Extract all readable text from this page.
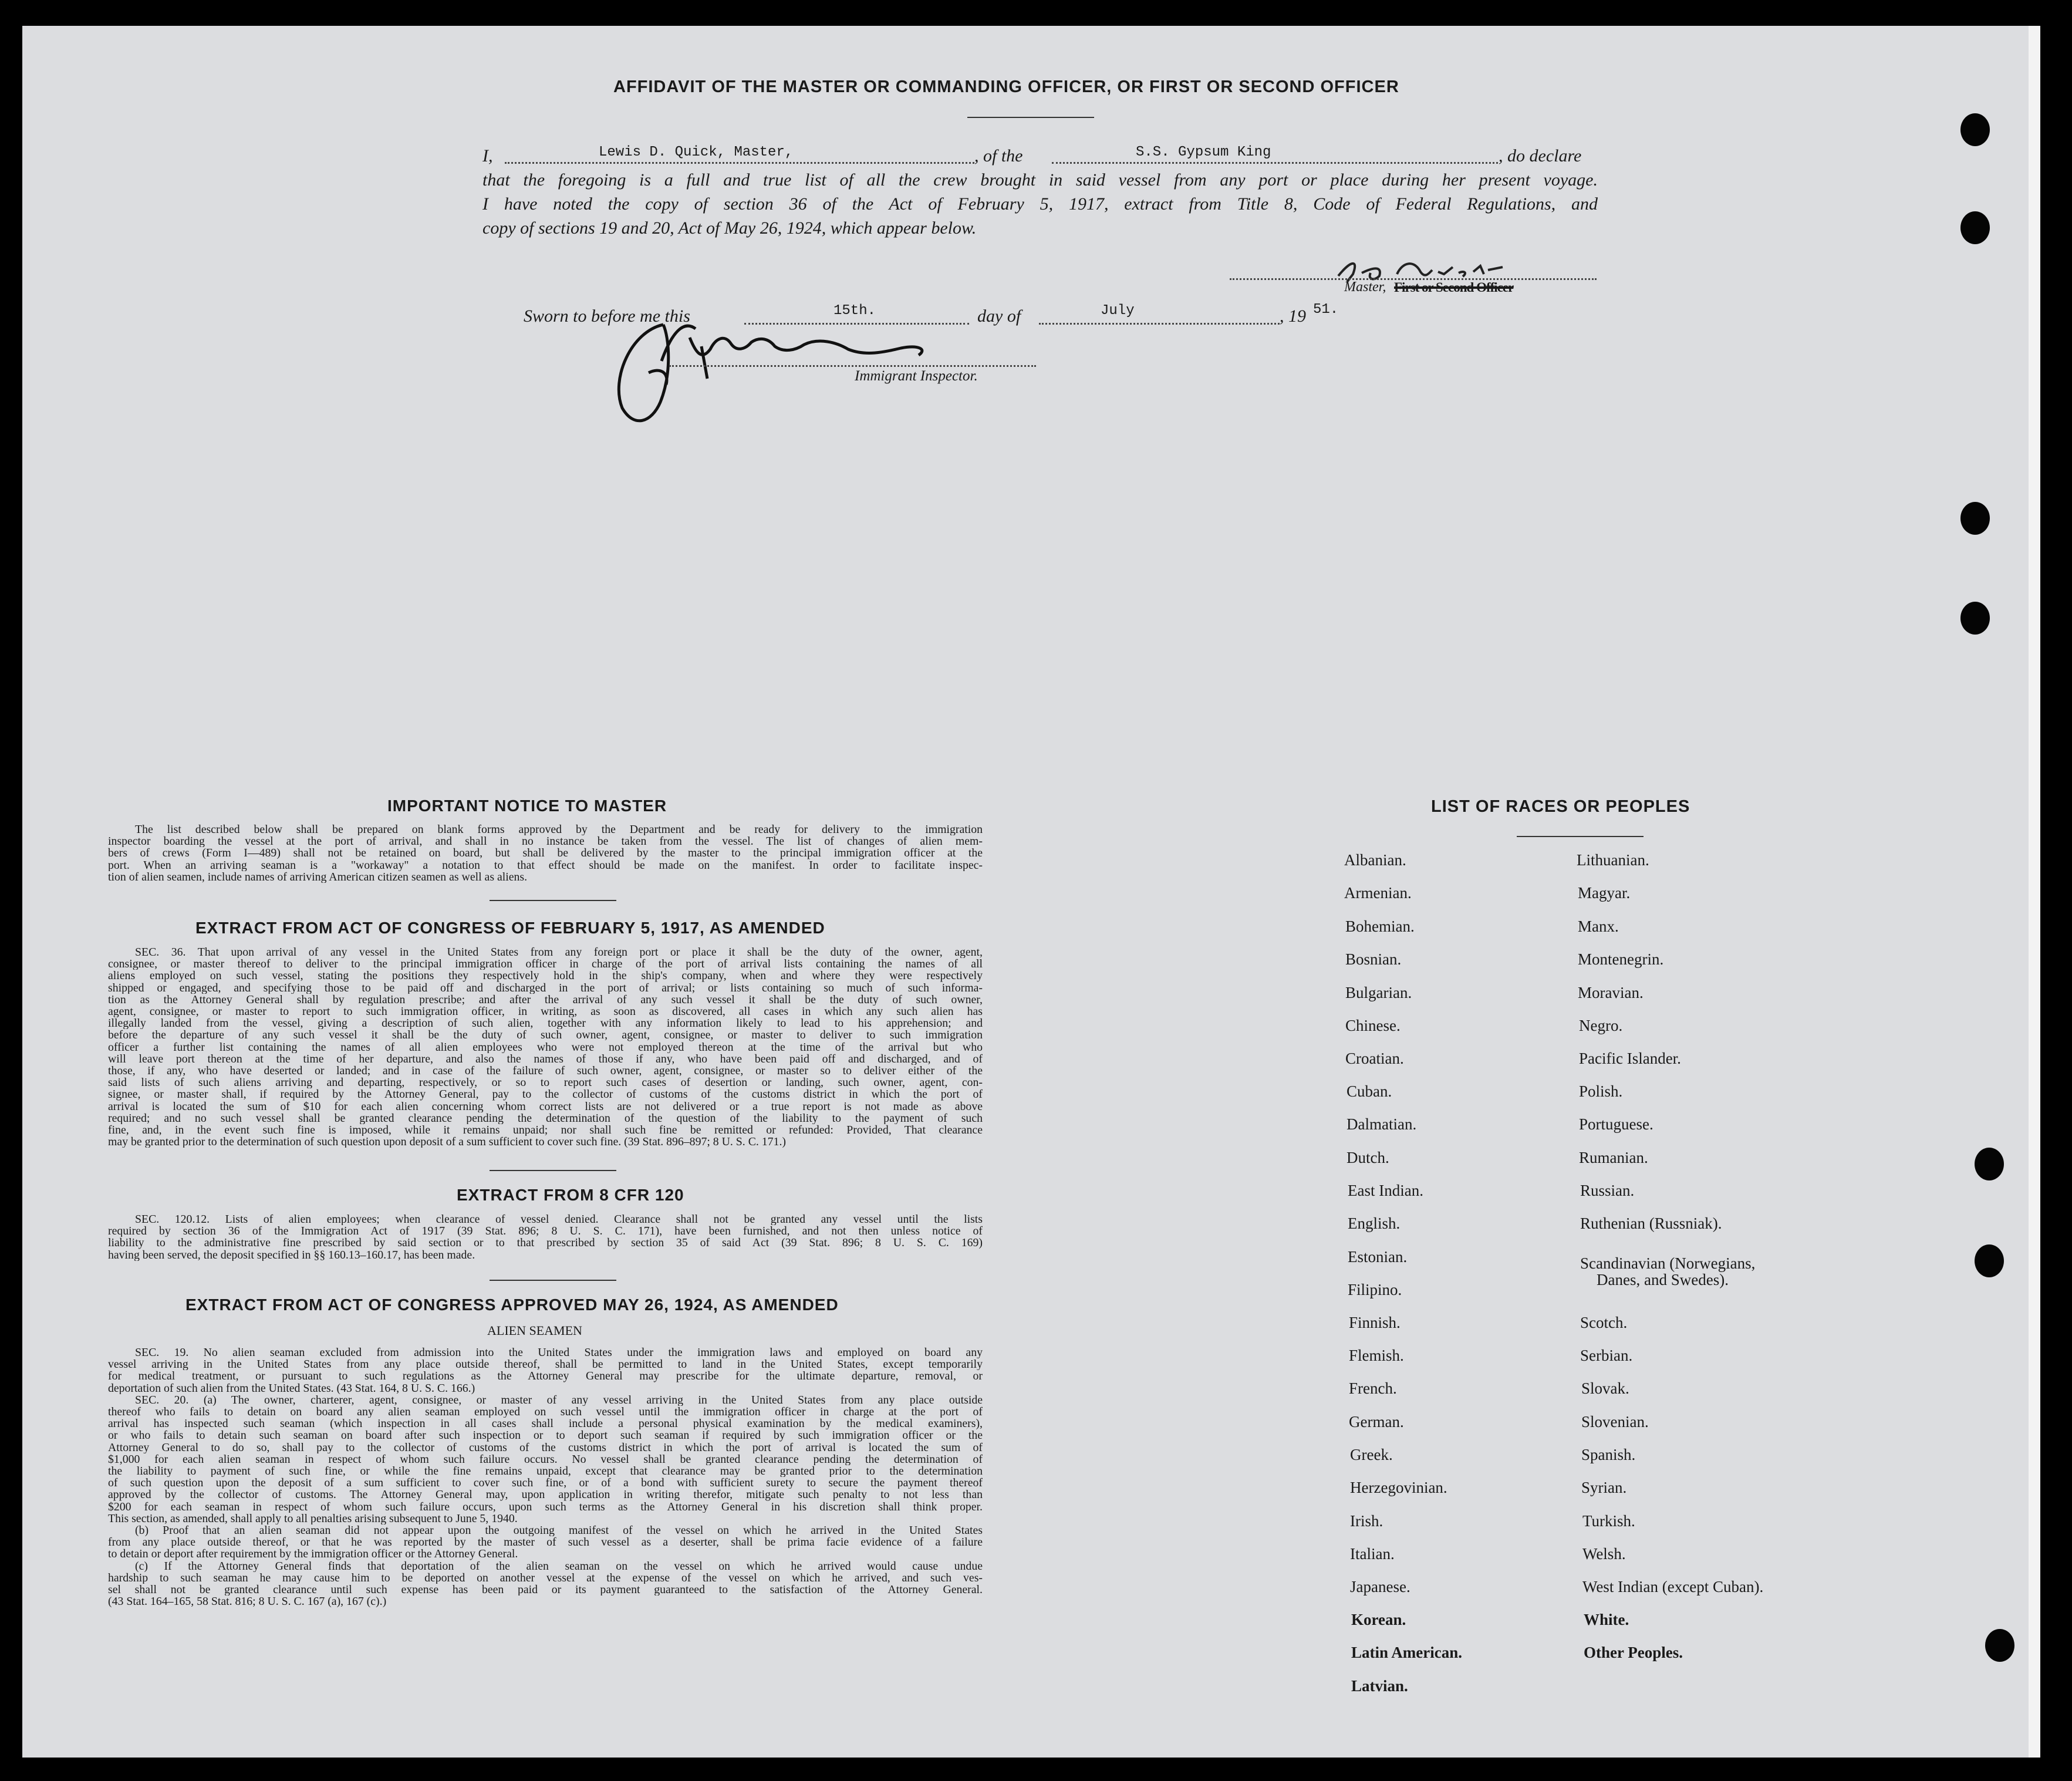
AFFIDAVIT OF THE MASTER OR COMMANDING OFFICER, OR FIRST OR SECOND OFFICER
I,	Lewis D. Quick, Master,	, of the	S.S. Gypsum King	, do declare
that the foregoing is a full and true list of all the crew brought in said vessel from any port or place during her present voyage.
I have noted the copy of section 36 of the Act of February 5, 1917, extract from Title 8, Code of Federal Regulations, and
copy of sections 19 and 20, Act of May 26, 1924, which appear below.
Master, First or Second Officer
Sworn to before me this	15th.	day of	July	, 19 51.
Immigrant Inspector.
IMPORTANT NOTICE TO MASTER
The list described below shall be prepared on blank forms approved by the Department and be ready for delivery to the immigration
inspector boarding the vessel at the port of arrival, and shall in no instance be taken from the vessel. The list of changes of alien mem-
bers of crews (Form I—489) shall not be retained on board, but shall be delivered by the master to the principal immigration officer at the
port. When an arriving seaman is a "workaway" a notation to that effect should be made on the manifest. In order to facilitate inspec-
tion of alien seamen, include names of arriving American citizen seamen as well as aliens.
EXTRACT FROM ACT OF CONGRESS OF FEBRUARY 5, 1917, AS AMENDED
SEC. 36. That upon arrival of any vessel in the United States from any foreign port or place it shall be the duty of the owner, agent,
consignee, or master thereof to deliver to the principal immigration officer in charge of the port of arrival lists containing the names of all
aliens employed on such vessel, stating the positions they respectively hold in the ship's company, when and where they were respectively
shipped or engaged, and specifying those to be paid off and discharged in the port of arrival; or lists containing so much of such informa-
tion as the Attorney General shall by regulation prescribe; and after the arrival of any such vessel it shall be the duty of such owner,
agent, consignee, or master to report to such immigration officer, in writing, as soon as discovered, all cases in which any such alien has
illegally landed from the vessel, giving a description of such alien, together with any information likely to lead to his apprehension; and
before the departure of any such vessel it shall be the duty of such owner, agent, consignee, or master to deliver to such immigration
officer a further list containing the names of all alien employees who were not employed thereon at the time of the arrival but who
will leave port thereon at the time of her departure, and also the names of those if any, who have been paid off and discharged, and of
those, if any, who have deserted or landed; and in case of the failure of such owner, agent, consignee, or master so to deliver either of the
said lists of such aliens arriving and departing, respectively, or so to report such cases of desertion or landing, such owner, agent, con-
signee, or master shall, if required by the Attorney General, pay to the collector of customs of the customs district in which the port of
arrival is located the sum of $10 for each alien concerning whom correct lists are not delivered or a true report is not made as above
required; and no such vessel shall be granted clearance pending the determination of the question of the liability to the payment of such
fine, and, in the event such fine is imposed, while it remains unpaid; nor shall such fine be remitted or refunded: Provided, That clearance
may be granted prior to the determination of such question upon deposit of a sum sufficient to cover such fine. (39 Stat. 896–897; 8 U. S. C. 171.)
EXTRACT FROM 8 CFR 120
SEC. 120.12. Lists of alien employees; when clearance of vessel denied. Clearance shall not be granted any vessel until the lists
required by section 36 of the Immigration Act of 1917 (39 Stat. 896; 8 U. S. C. 171), have been furnished, and not then unless notice of
liability to the administrative fine prescribed by said section or to that prescribed by section 35 of said Act (39 Stat. 896; 8 U. S. C. 169)
having been served, the deposit specified in §§ 160.13–160.17, has been made.
EXTRACT FROM ACT OF CONGRESS APPROVED MAY 26, 1924, AS AMENDED
ALIEN SEAMEN
SEC. 19. No alien seaman excluded from admission into the United States under the immigration laws and employed on board any
vessel arriving in the United States from any place outside thereof, shall be permitted to land in the United States, except temporarily
for medical treatment, or pursuant to such regulations as the Attorney General may prescribe for the ultimate departure, removal, or
deportation of such alien from the United States. (43 Stat. 164, 8 U. S. C. 166.)
SEC. 20. (a) The owner, charterer, agent, consignee, or master of any vessel arriving in the United States from any place outside
thereof who fails to detain on board any alien seaman employed on such vessel until the immigration officer in charge at the port of
arrival has inspected such seaman (which inspection in all cases shall include a personal physical examination by the medical examiners),
or who fails to detain such seaman on board after such inspection or to deport such seaman if required by such immigration officer or the
Attorney General to do so, shall pay to the collector of customs of the customs district in which the port of arrival is located the sum of
$1,000 for each alien seaman in respect of whom such failure occurs. No vessel shall be granted clearance pending the determination of
the liability to payment of such fine, or while the fine remains unpaid, except that clearance may be granted prior to the determination
of such question upon the deposit of a sum sufficient to cover such fine, or of a bond with sufficient surety to secure the payment thereof
approved by the collector of customs. The Attorney General may, upon application in writing therefor, mitigate such penalty to not less than
$200 for each seaman in respect of whom such failure occurs, upon such terms as the Attorney General in his discretion shall think proper.
This section, as amended, shall apply to all penalties arising subsequent to June 5, 1940.
(b) Proof that an alien seaman did not appear upon the outgoing manifest of the vessel on which he arrived in the United States
from any place outside thereof, or that he was reported by the master of such vessel as a deserter, shall be prima facie evidence of a failure
to detain or deport after requirement by the immigration officer or the Attorney General.
(c) If the Attorney General finds that deportation of the alien seaman on the vessel on which he arrived would cause undue
hardship to such seaman he may cause him to be deported on another vessel at the expense of the vessel on which he arrived, and such ves-
sel shall not be granted clearance until such expense has been paid or its payment guaranteed to the satisfaction of the Attorney General.
(43 Stat. 164–165, 58 Stat. 816; 8 U. S. C. 167 (a), 167 (c).)
LIST OF RACES OR PEOPLES
Albanian.
Armenian.
Bohemian.
Bosnian.
Bulgarian.
Chinese.
Croatian.
Cuban.
Dalmatian.
Dutch.
East Indian.
English.
Estonian.
Filipino.
Finnish.
Flemish.
French.
German.
Greek.
Herzegovinian.
Irish.
Italian.
Japanese.
Korean.
Latin American.
Latvian.
Lithuanian.
Magyar.
Manx.
Montenegrin.
Moravian.
Negro.
Pacific Islander.
Polish.
Portuguese.
Rumanian.
Russian.
Ruthenian (Russniak).
Scandinavian (Norwegians,
Danes, and Swedes).
Scotch.
Serbian.
Slovak.
Slovenian.
Spanish.
Syrian.
Turkish.
Welsh.
West Indian (except Cuban).
White.
Other Peoples.
